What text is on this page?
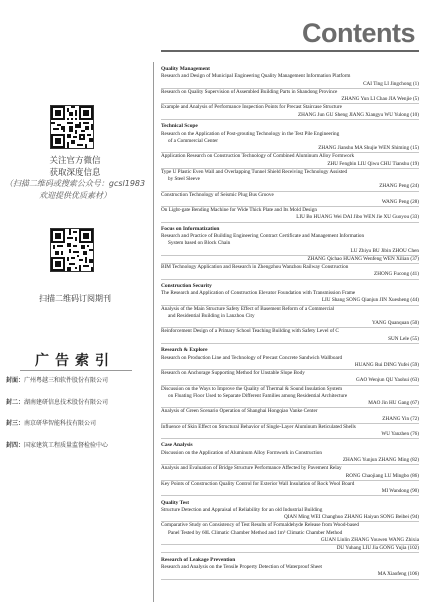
关注官方微信
获取深度信息
（扫描二维码或搜索公众号：gcsl1983
欢迎提供优质素材）
扫描二维码订阅期刊
广告索引
封面：广州粤越三和软件股份有限公司
封二：湖南建研信息技术股份有限公司
封三：南京研华智能科技有限公司
封四：国家建筑工程质量监督检验中心
Contents
Quality Management
Research and Design of Municipal Engineering Quality Management Information Platform
CAI Ting LI Jingchong (1)
Research on Quality Supervision of Assembled Building Parts in Shandong Province
ZHANG Yun LI Chao JIA Wenjie (5)
Example and Analysis of Performance Inspection Points for Precast Staircase Structure
ZHANG Jun GU Sheng JIANG Xiangyu WU Yulong (10)
Technical Scope
Research on the Application of Post-grouting Technology in the Test Pile Engineering
of a Commercial Center
ZHANG Jianshu MA Shujie WEN Shiming (15)
Application Research on Construction Technology of Combined Aluminum Alloy Formwork
ZHU Fengbin LIU Qiwu CHU Tianshu (19)
Type U Plastic Even Wall and Overlapping Tunnel Shield Receiving Technology Assisted
by Steel Sleeve
ZHANG Peng (24)
Construction Technology of Seismic Plug Bus Groove
WANG Peng (28)
On Light-gate Bending Machine for Wide Thick Plate and Its Mold Design
LIU Bo HUANG Wei DAI Jibo WEN Jie XU Guoyou (33)
Focus on Informatization
Research and Practice of Building Engineering Contract Certificate and Management Information
System based on Block Chain
LU Zhiyu BU Jibin ZHOU Chen
ZHANG Qichao HUANG Wenfeng WEN Xilian (37)
BIM Technology Application and Research in Zhengzhou Wanzhou Railway Construction
ZHONG Fucong (41)
Construction Security
The Research and Application of Construction Elevator Foundation with Transmission Frame
LIU Shang SONG Qianjun JIN Xuesheng (44)
Analysis of the Main Structure Safety Effect of Basement Reform of a Commercial
and Residential Building in Lanzhou City
YANG Quanquan (50)
Reinforcement Design of a Primary School Teaching Building with Safety Level of C
SUN Lele (55)
Research & Explore
Research on Production Line and Technology of Precast Concrete Sandwich Wallboard
HUANG Rui DING Yufei (59)
Research on Anchorage Supporting Method for Unstable Slope Body
GAO Wenjun QU Yaohui (63)
Discussion on the Ways to Improve the Quality of Thermal & Sound Insulation System
on Floating Floor Used to Separate Different Families among Residential Architecture
MAO Jin HU Gang (67)
Analysis of Green Scenario Operation of Shanghai Hongqiao Vanke Center
ZHANG Yin (72)
Influence of Skin Effect on Structural Behavior of Single-Layer Aluminum Reticulated Shells
WU Yanzhen (76)
Case Analysis
Discussion on the Application of Aluminum Alloy Formwork in Construction
ZHANG Yunjun ZHANG Ming (82)
Analysis and Evaluation of Bridge Structure Performance Affected by Pavement Relay
RONG Chaojiang LU Mingbo (86)
Key Points of Construction Quality Control for Exterior Wall Insulation of Rock Wool Board
MI Wandong (90)
Quality Test
Structure Detection and Appraisal of Reliability for an old Industrial Building
QIAN Ming WEI Changhuo ZHANG Haiyan SONG Beibei (94)
Comparative Study on Consistency of Test Results of Formaldehyde Release from Wood-based
Panel Tested by 60L Climatic Chamber Method and 1m³ Climatic Chamber Method
GUAN Linlin ZHANG Youwen WANG Zhixia
DU Yuhang LIU Jia GONG Yujia (102)
Research of Leakage Prevention
Research and Analysis on the Tensile Property Detection of Waterproof Sheet
MA Xiaofeng (106)
